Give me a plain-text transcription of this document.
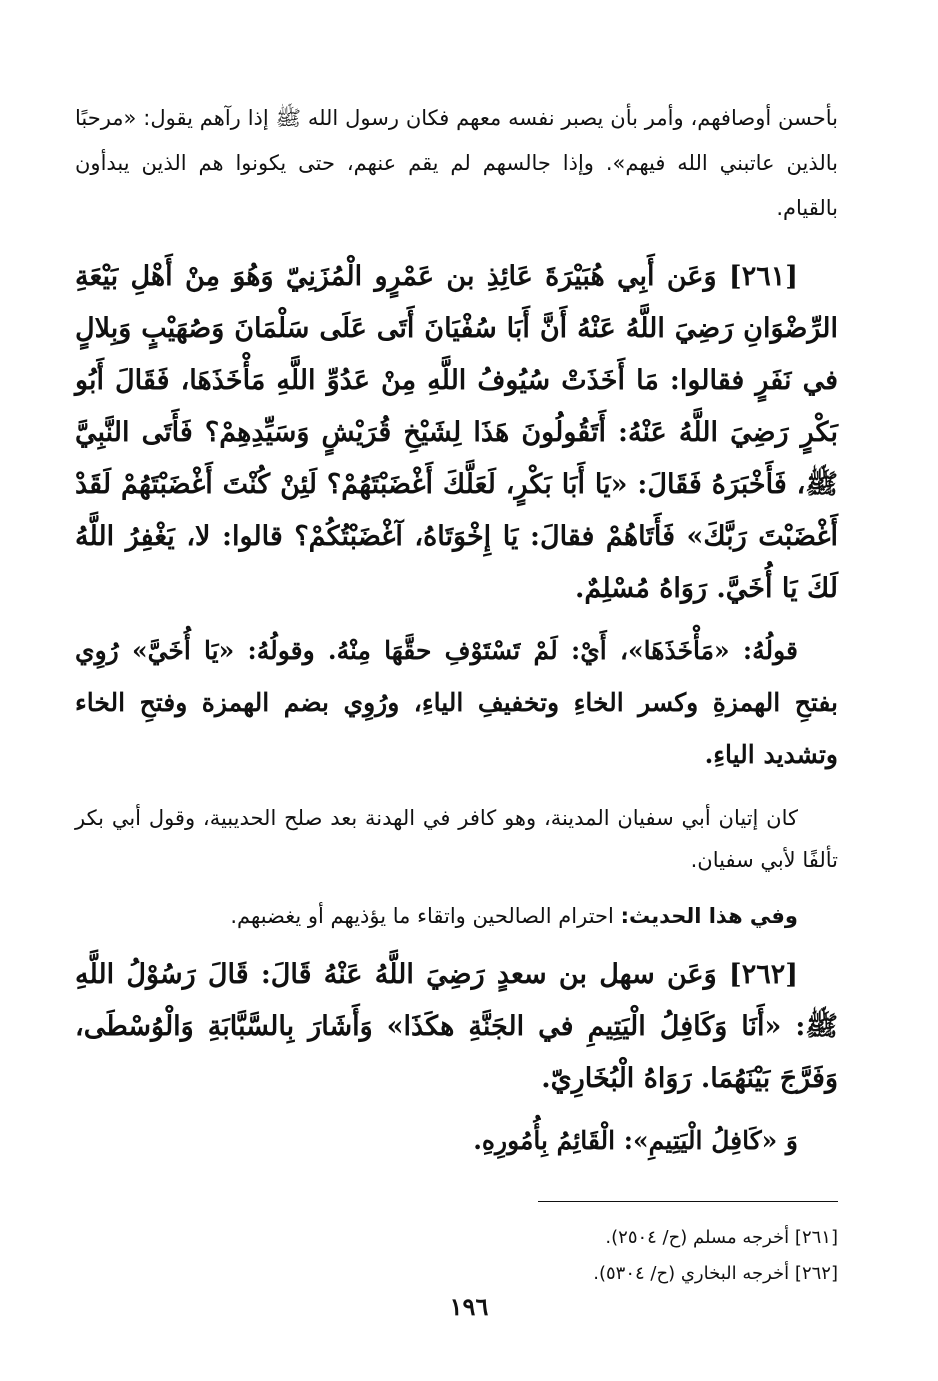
بأحسن أوصافهم، وأمر بأن يصبر نفسه معهم فكان رسول الله ﷺ إذا رآهم يقول: «مرحبًا بالذين عاتبني الله فيهم». وإذا جالسهم لم يقم عنهم، حتى يكونوا هم الذين يبدأون بالقيام.

[٢٦١] وَعَن أَبِي هُبَيْرَةَ عَائِذِ بن عَمْرٍو الْمُزَنِيّ وَهُوَ مِنْ أَهْلِ بَيْعَةِ الرِّضْوَانِ رَضِيَ اللَّهُ عَنْهُ أَنَّ أَبَا سُفْيَانَ أَتَى عَلَى سَلْمَانَ وَصُهَيْبٍ وَبِلالٍ في نَفَرٍ فقالوا: مَا أَخَذَتْ سُيُوفُ اللَّهِ مِنْ عَدُوِّ اللَّهِ مَأْخَذَهَا، فَقَالَ أَبُو بَكْرٍ رَضِيَ اللَّهُ عَنْهُ: أَتَقُولُونَ هَذَا لِشَيْخِ قُرَيْشٍ وَسَيِّدِهِمْ؟ فَأَتَى النَّبِيَّ ﷺ، فَأَخْبَرَهُ فَقَالَ: «يَا أَبَا بَكْرٍ، لَعَلَّكَ أَغْضَبْتَهُمْ؟ لَئِنْ كُنْتَ أَغْضَبْتَهُمْ لَقَدْ أَغْضَبْتَ رَبَّكَ» فَأَتَاهُمْ فقالَ: يَا إِخْوَتَاهُ، آغْضَبْتُكُمْ؟ قالوا: لا، يَغْفِرُ اللَّهُ لَكَ يَا أُخَيَّ. رَوَاهُ مُسْلِمٌ.

قولُهُ: «مَأْخَذَهَا»، أَيْ: لَمْ تَسْتَوْفِ حقَّهَا مِنْهُ. وقولُهُ: «يَا أُخَيَّ» رُوِي بفتحِ الهمزةِ وكسر الخاءِ وتخفيفِ الياءِ، ورُوِي بضم الهمزة وفتحِ الخاء وتشديد الياءِ.

كان إتيان أبي سفيان المدينة، وهو كافر في الهدنة بعد صلح الحديبية، وقول أبي بكر تألفًا لأبي سفيان.

وفي هذا الحديث: احترام الصالحين واتقاء ما يؤذيهم أو يغضبهم.

[٢٦٢] وَعَن سهل بن سعدٍ رَضِيَ اللَّهُ عَنْهُ قَالَ: قَالَ رَسُوْلُ اللَّهِ ﷺ: «أَنَا وَكَافِلُ الْيَتِيمِ في الجَنَّةِ هكَذَا» وَأَشَارَ بِالسَّبَّابَةِ وَالْوُسْطَى، وَفَرَّجَ بَيْنَهُمَا. رَوَاهُ الْبُخَارِيّ.

وَ «كَافِلُ الْيَتِيمِ»: الْقَائِمُ بِأُمُورِهِ.

[٢٦١] أخرجه مسلم (ح/ ٢٥٠٤).
[٢٦٢] أخرجه البخاري (ح/ ٥٣٠٤).
١٩٦
